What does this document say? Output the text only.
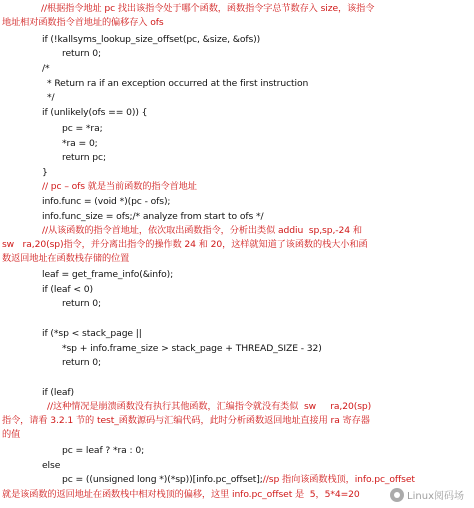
//根据指令地址 pc 找出该指令处于哪个函数，函数指令字总节数存入 size，该指令
地址相对函数指令首地址的偏移存入 ofs
if (!kallsyms_lookup_size_offset(pc, &size, &ofs))
return 0;
/*
* Return ra if an exception occurred at the first instruction
*/
if (unlikely(ofs == 0)) {
pc = *ra;
*ra = 0;
return pc;
}
// pc – ofs 就是当前函数的指令首地址
info.func = (void *)(pc - ofs);
info.func_size = ofs;/* analyze from start to ofs */
//从该函数的指令首地址，依次取出函数指令，分析出类似 addiu  sp,sp,-24 和
sw   ra,20(sp)指令，并分离出指令的操作数 24 和 20，这样就知道了该函数的栈大小和函
数返回地址在函数栈存储的位置
leaf = get_frame_info(&info);
if (leaf < 0)
return 0;
if (*sp < stack_page ||
*sp + info.frame_size > stack_page + THREAD_SIZE - 32)
return 0;
if (leaf)
//这种情况是崩溃函数没有执行其他函数，汇编指令就没有类似  sw     ra,20(sp)
指令，请看 3.2.1 节的 test_函数源码与汇编代码，此时分析函数返回地址直接用 ra 寄存器
的值
pc = leaf ? *ra : 0;
else
pc = ((unsigned long *)(*sp))[info.pc_offset];//sp 指向该函数栈顶，info.pc_offset
就是该函数的返回地址在函数栈中相对栈顶的偏移，这里 info.pc_offset 是  5，5*4=20	Linux阅码场
